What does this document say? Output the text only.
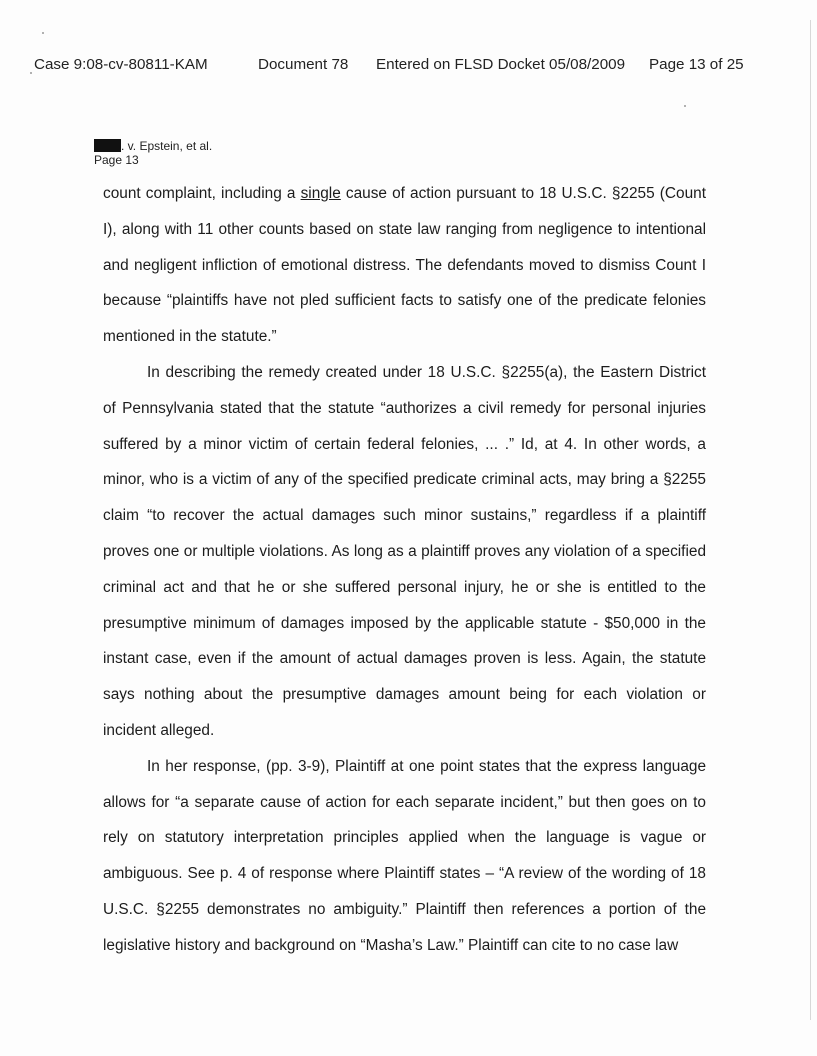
Case 9:08-cv-80811-KAM	Document 78 Entered on FLSD Docket 05/08/2009 Page 13 of 25
. v. Epstein, et al.
Page 13

count complaint, including a single cause of action pursuant to 18 U.S.C. §2255 (Count I), along with 11 other counts based on state law ranging from negligence to intentional and negligent infliction of emotional distress. The defendants moved to dismiss Count I because “plaintiffs have not pled sufficient facts to satisfy one of the predicate felonies mentioned in the statute.”

In describing the remedy created under 18 U.S.C. §2255(a), the Eastern District of Pennsylvania stated that the statute “authorizes a civil remedy for personal injuries suffered by a minor victim of certain federal felonies, ... .” Id, at 4. In other words, a minor, who is a victim of any of the specified predicate criminal acts, may bring a §2255 claim “to recover the actual damages such minor sustains,” regardless if a plaintiff proves one or multiple violations. As long as a plaintiff proves any violation of a specified criminal act and that he or she suffered personal injury, he or she is entitled to the presumptive minimum of damages imposed by the applicable statute - $50,000 in the instant case, even if the amount of actual damages proven is less. Again, the statute says nothing about the presumptive damages amount being for each violation or incident alleged.

In her response, (pp. 3-9), Plaintiff at one point states that the express language allows for “a separate cause of action for each separate incident,” but then goes on to rely on statutory interpretation principles applied when the language is vague or ambiguous. See p. 4 of response where Plaintiff states – “A review of the wording of 18 U.S.C. §2255 demonstrates no ambiguity.” Plaintiff then references a portion of the legislative history and background on “Masha’s Law.” Plaintiff can cite to no case law
